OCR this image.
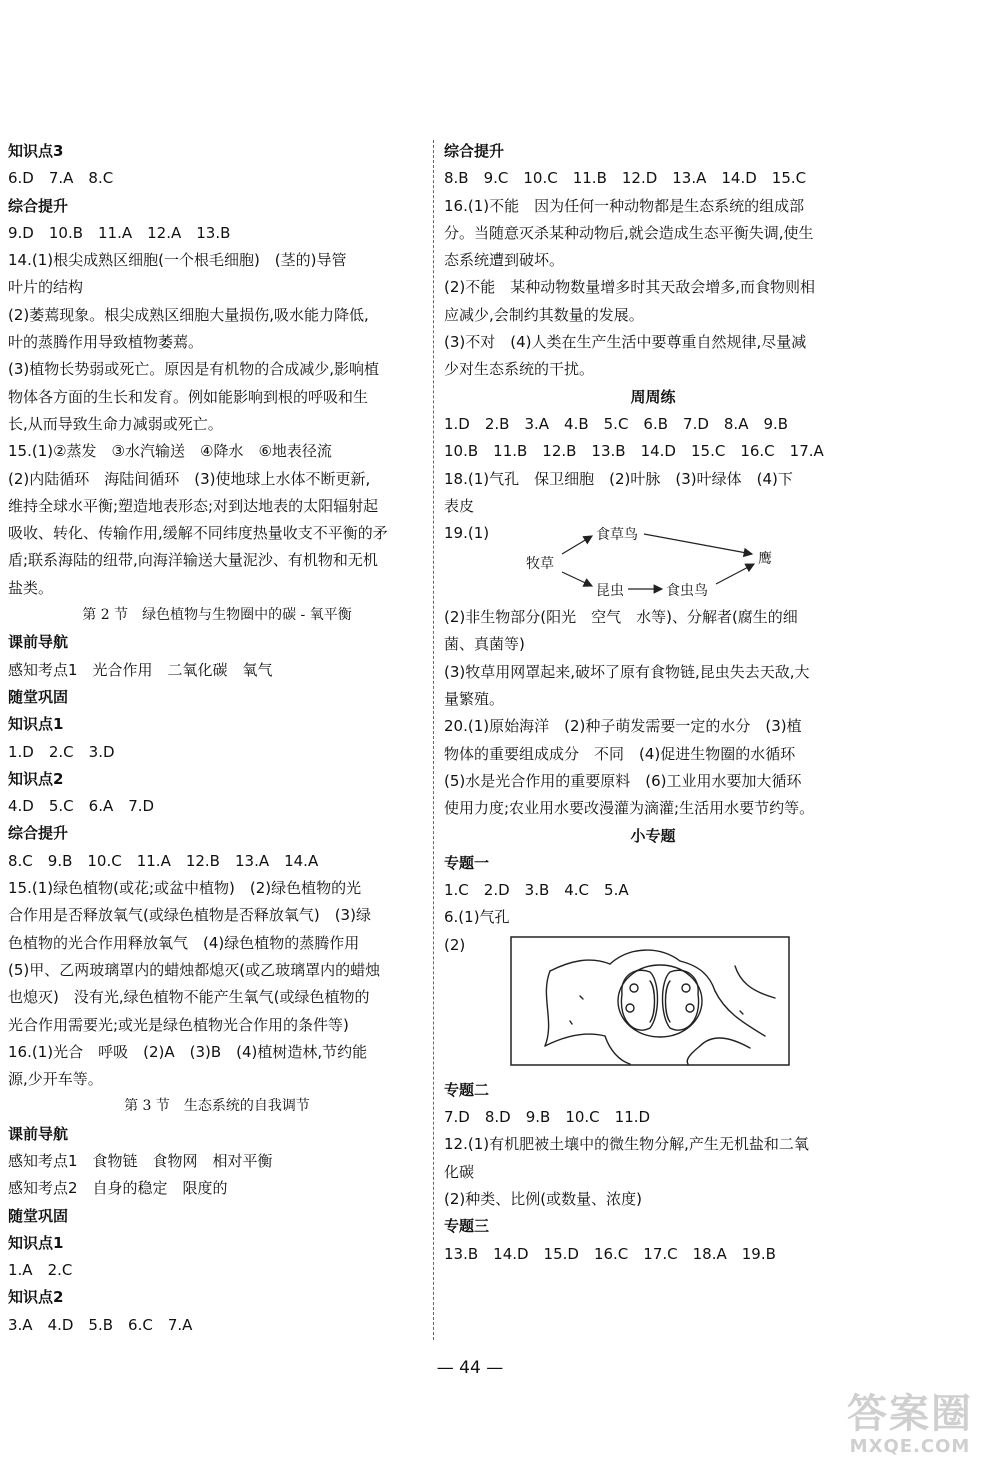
知识点3
6.D　7.A　8.C
综合提升
9.D　10.B　11.A　12.A　13.B
14.(1)根尖成熟区细胞(一个根毛细胞)　(茎的)导管
叶片的结构
(2)萎蔫现象。根尖成熟区细胞大量损伤,吸水能力降低,
叶的蒸腾作用导致植物萎蔫。
(3)植物长势弱或死亡。原因是有机物的合成减少,影响植
物体各方面的生长和发育。例如能影响到根的呼吸和生
长,从而导致生命力减弱或死亡。
15.(1)②蒸发　③水汽输送　④降水　⑥地表径流
(2)内陆循环　海陆间循环　(3)使地球上水体不断更新,
维持全球水平衡;塑造地表形态;对到达地表的太阳辐射起
吸收、转化、传输作用,缓解不同纬度热量收支不平衡的矛
盾;联系海陆的纽带,向海洋输送大量泥沙、有机物和无机
盐类。
第 2 节　绿色植物与生物圈中的碳 - 氧平衡
课前导航
感知考点1　光合作用　二氧化碳　氧气
随堂巩固
知识点1
1.D　2.C　3.D
知识点2
4.D　5.C　6.A　7.D
综合提升
8.C　9.B　10.C　11.A　12.B　13.A　14.A
15.(1)绿色植物(或花;或盆中植物)　(2)绿色植物的光
合作用是否释放氧气(或绿色植物是否释放氧气)　(3)绿
色植物的光合作用释放氧气　(4)绿色植物的蒸腾作用
(5)甲、乙两玻璃罩内的蜡烛都熄灭(或乙玻璃罩内的蜡烛
也熄灭)　没有光,绿色植物不能产生氧气(或绿色植物的
光合作用需要光;或光是绿色植物光合作用的条件等)
16.(1)光合　呼吸　(2)A　(3)B　(4)植树造林,节约能
源,少开车等。
第 3 节　生态系统的自我调节
课前导航
感知考点1　食物链　食物网　相对平衡
感知考点2　自身的稳定　限度的
随堂巩固
知识点1
1.A　2.C
知识点2
3.A　4.D　5.B　6.C　7.A
综合提升
8.B　9.C　10.C　11.B　12.D　13.A　14.D　15.C
16.(1)不能　因为任何一种动物都是生态系统的组成部
分。当随意灭杀某种动物后,就会造成生态平衡失调,使生
态系统遭到破坏。
(2)不能　某种动物数量增多时其天敌会增多,而食物则相
应减少,会制约其数量的发展。
(3)不对　(4)人类在生产生活中要尊重自然规律,尽量减
少对生态系统的干扰。
周周练
1.D　2.B　3.A　4.B　5.C　6.B　7.D　8.A　9.B
10.B　11.B　12.B　13.B　14.D　15.C　16.C　17.A
18.(1)气孔　保卫细胞　(2)叶脉　(3)叶绿体　(4)下
表皮
19.(1)
牧草
食草鸟
昆虫	食虫鸟
鹰
(2)非生物部分(阳光　空气　水等)、分解者(腐生的细
菌、真菌等)
(3)牧草用网罩起来,破坏了原有食物链,昆虫失去天敌,大
量繁殖。
20.(1)原始海洋　(2)种子萌发需要一定的水分　(3)植
物体的重要组成成分　不同　(4)促进生物圈的水循环
(5)水是光合作用的重要原料　(6)工业用水要加大循环
使用力度;农业用水要改漫灌为滴灌;生活用水要节约等。
小专题
专题一
1.C　2.D　3.B　4.C　5.A
6.(1)气孔
(2)
专题二
7.D　8.D　9.B　10.C　11.D
12.(1)有机肥被土壤中的微生物分解,产生无机盐和二氧
化碳
(2)种类、比例(或数量、浓度)
专题三
13.B　14.D　15.D　16.C　17.C　18.A　19.B
— 44 —
答案圈
MXQE.COM
